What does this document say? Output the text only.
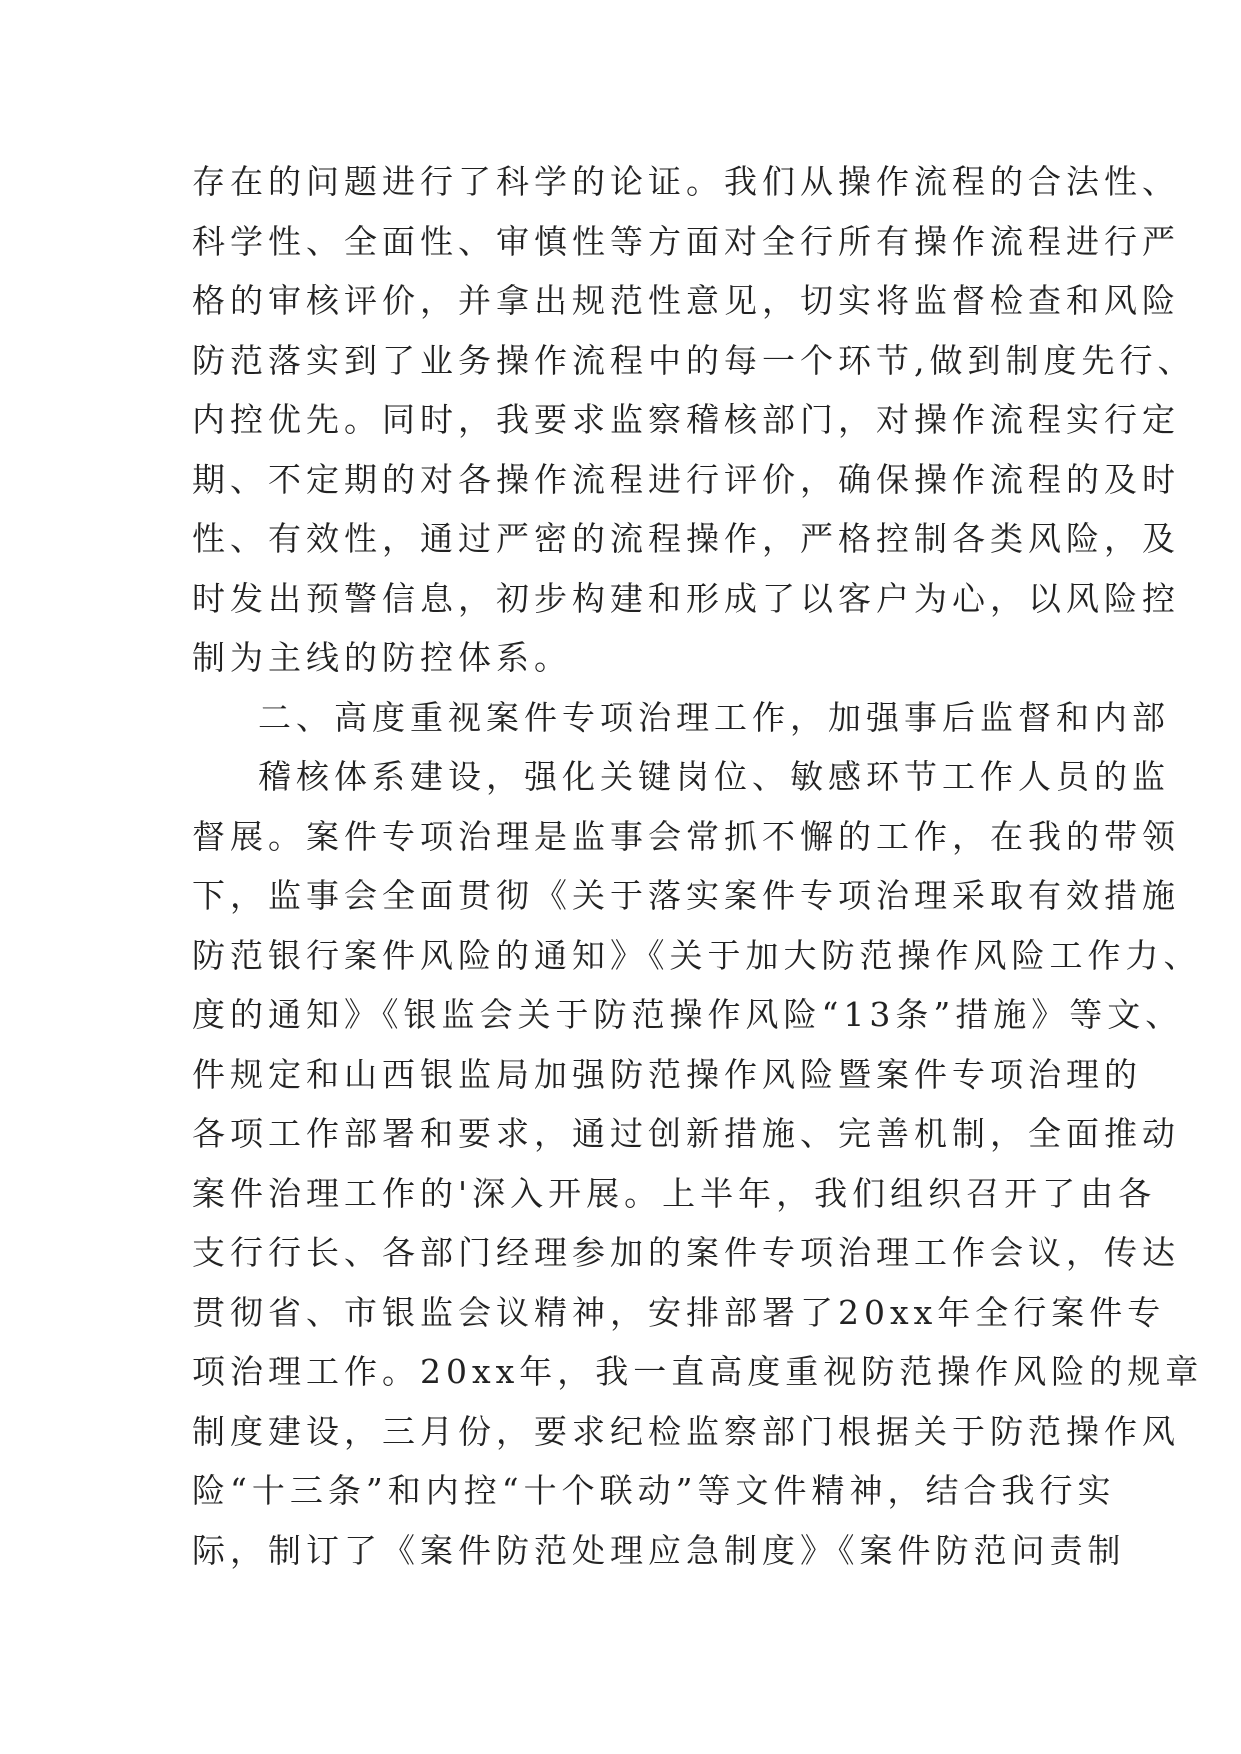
存在的问题进行了科学的论证。我们从操作流程的合法性、
科学性、全面性、审慎性等方面对全行所有操作流程进行严
格的审核评价，并拿出规范性意见，切实将监督检查和风险
防范落实到了业务操作流程中的每一个环节,做到制度先行、
内控优先。同时，我要求监察稽核部门，对操作流程实行定
期、不定期的对各操作流程进行评价，确保操作流程的及时
性、有效性，通过严密的流程操作，严格控制各类风险，及
时发出预警信息，初步构建和形成了以客户为心，以风险控
制为主线的防控体系。
二、高度重视案件专项治理工作，加强事后监督和内部
稽核体系建设，强化关键岗位、敏感环节工作人员的监
督展。案件专项治理是监事会常抓不懈的工作，在我的带领
下，监事会全面贯彻《关于落实案件专项治理采取有效措施
防范银行案件风险的通知》《关于加大防范操作风险工作力、
度的通知》《银监会关于防范操作风险“13条”措施》等文、
件规定和山西银监局加强防范操作风险暨案件专项治理的
各项工作部署和要求，通过创新措施、完善机制，全面推动
案件治理工作的'深入开展。上半年，我们组织召开了由各
支行行长、各部门经理参加的案件专项治理工作会议，传达
贯彻省、市银监会议精神，安排部署了20xx年全行案件专
项治理工作。20xx年，我一直高度重视防范操作风险的规章
制度建设，三月份，要求纪检监察部门根据关于防范操作风
险“十三条”和内控“十个联动”等文件精神，结合我行实
际，制订了《案件防范处理应急制度》《案件防范问责制
